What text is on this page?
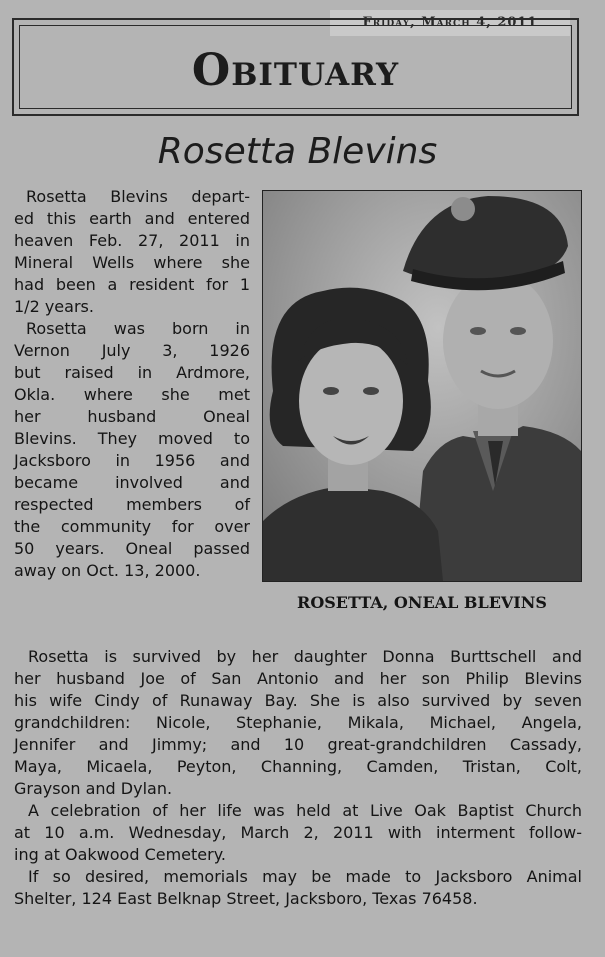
Friday, March 4, 2011
Obituary
Rosetta Blevins

Rosetta Blevins depart-

ed this earth and entered

heaven Feb. 27, 2011 in

Mineral Wells where she

had been a resident for 1

1/2 years.

Rosetta was born in

Vernon July 3, 1926

but raised in Ardmore,

Okla. where she met

her husband Oneal

Blevins. They moved to

Jacksboro in 1956 and

became involved and

respected members of

the community for over

50 years. Oneal passed

away on Oct. 13, 2000.

ROSETTA, ONEAL BLEVINS

Rosetta is survived by her daughter Donna Burttschell and

her husband Joe of San Antonio and her son Philip Blevins

his wife Cindy of Runaway Bay. She is also survived by seven

grandchildren: Nicole, Stephanie, Mikala, Michael, Angela,

Jennifer and Jimmy; and 10 great-grandchildren Cassady,

Maya, Micaela, Peyton, Channing, Camden, Tristan, Colt,

Grayson and Dylan.

A celebration of her life was held at Live Oak Baptist Church

at 10 a.m. Wednesday, March 2, 2011 with interment follow-

ing at Oakwood Cemetery.

If so desired, memorials may be made to Jacksboro Animal

Shelter, 124 East Belknap Street, Jacksboro, Texas 76458.
